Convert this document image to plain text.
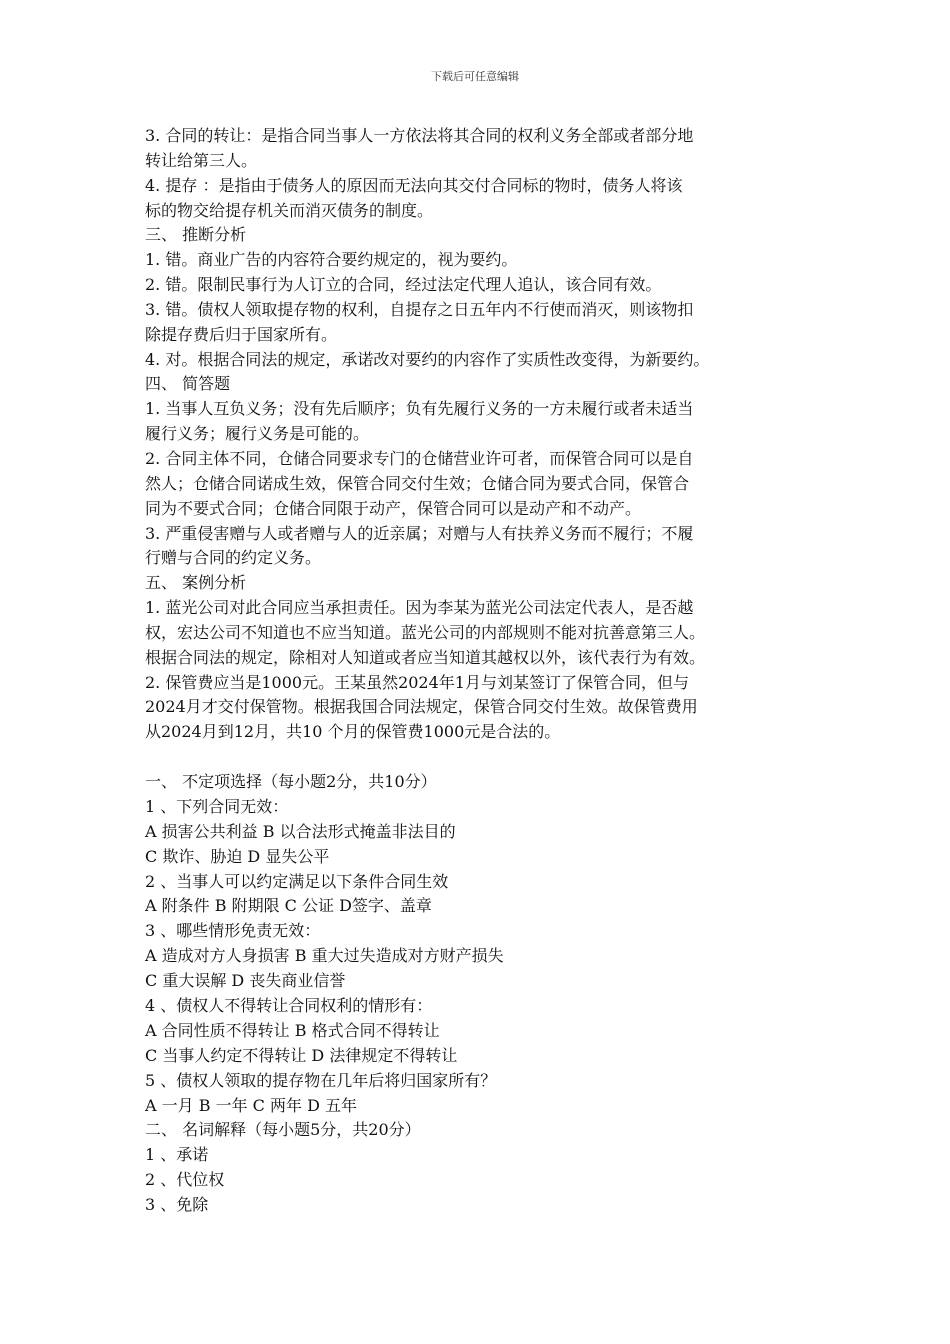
下载后可任意编辑
3. 合同的转让：是指合同当事人一方依法将其合同的权利义务全部或者部分地
转让给第三人。
4. 提存 ：是指由于债务人的原因而无法向其交付合同标的物时，债务人将该
标的物交给提存机关而消灭债务的制度。
三、 推断分析
1. 错。商业广告的内容符合要约规定的，视为要约。
2. 错。限制民事行为人订立的合同，经过法定代理人追认，该合同有效。
3. 错。债权人领取提存物的权利，自提存之日五年内不行使而消灭，则该物扣
除提存费后归于国家所有。
4. 对。根据合同法的规定，承诺改对要约的内容作了实质性改变得，为新要约。
四、 简答题
1. 当事人互负义务；没有先后顺序；负有先履行义务的一方未履行或者未适当
履行义务；履行义务是可能的。
2. 合同主体不同，仓储合同要求专门的仓储营业许可者，而保管合同可以是自
然人；仓储合同诺成生效，保管合同交付生效；仓储合同为要式合同，保管合
同为不要式合同；仓储合同限于动产，保管合同可以是动产和不动产。
3. 严重侵害赠与人或者赠与人的近亲属；对赠与人有扶养义务而不履行；不履
行赠与合同的约定义务。
五、 案例分析
1. 蓝光公司对此合同应当承担责任。因为李某为蓝光公司法定代表人，是否越
权，宏达公司不知道也不应当知道。蓝光公司的内部规则不能对抗善意第三人。
根据合同法的规定，除相对人知道或者应当知道其越权以外，该代表行为有效。
2. 保管费应当是1000元。王某虽然2024年1月与刘某签订了保管合同，但与
2024月才交付保管物。根据我国合同法规定，保管合同交付生效。故保管费用
从2024月到12月，共10 个月的保管费1000元是合法的。
一、 不定项选择（每小题2分，共10分）
1 、下列合同无效：
A 损害公共利益 B 以合法形式掩盖非法目的
C 欺诈、胁迫 D 显失公平
2 、当事人可以约定满足以下条件合同生效
A 附条件 B 附期限 C 公证 D签字、盖章
3 、哪些情形免责无效：
A 造成对方人身损害 B 重大过失造成对方财产损失
C 重大误解 D 丧失商业信誉
4 、债权人不得转让合同权利的情形有：
A 合同性质不得转让 B 格式合同不得转让
C 当事人约定不得转让 D 法律规定不得转让
5 、债权人领取的提存物在几年后将归国家所有？
A 一月 B 一年 C 两年 D 五年
二、 名词解释（每小题5分，共20分）
1 、承诺
2 、代位权
3 、免除
